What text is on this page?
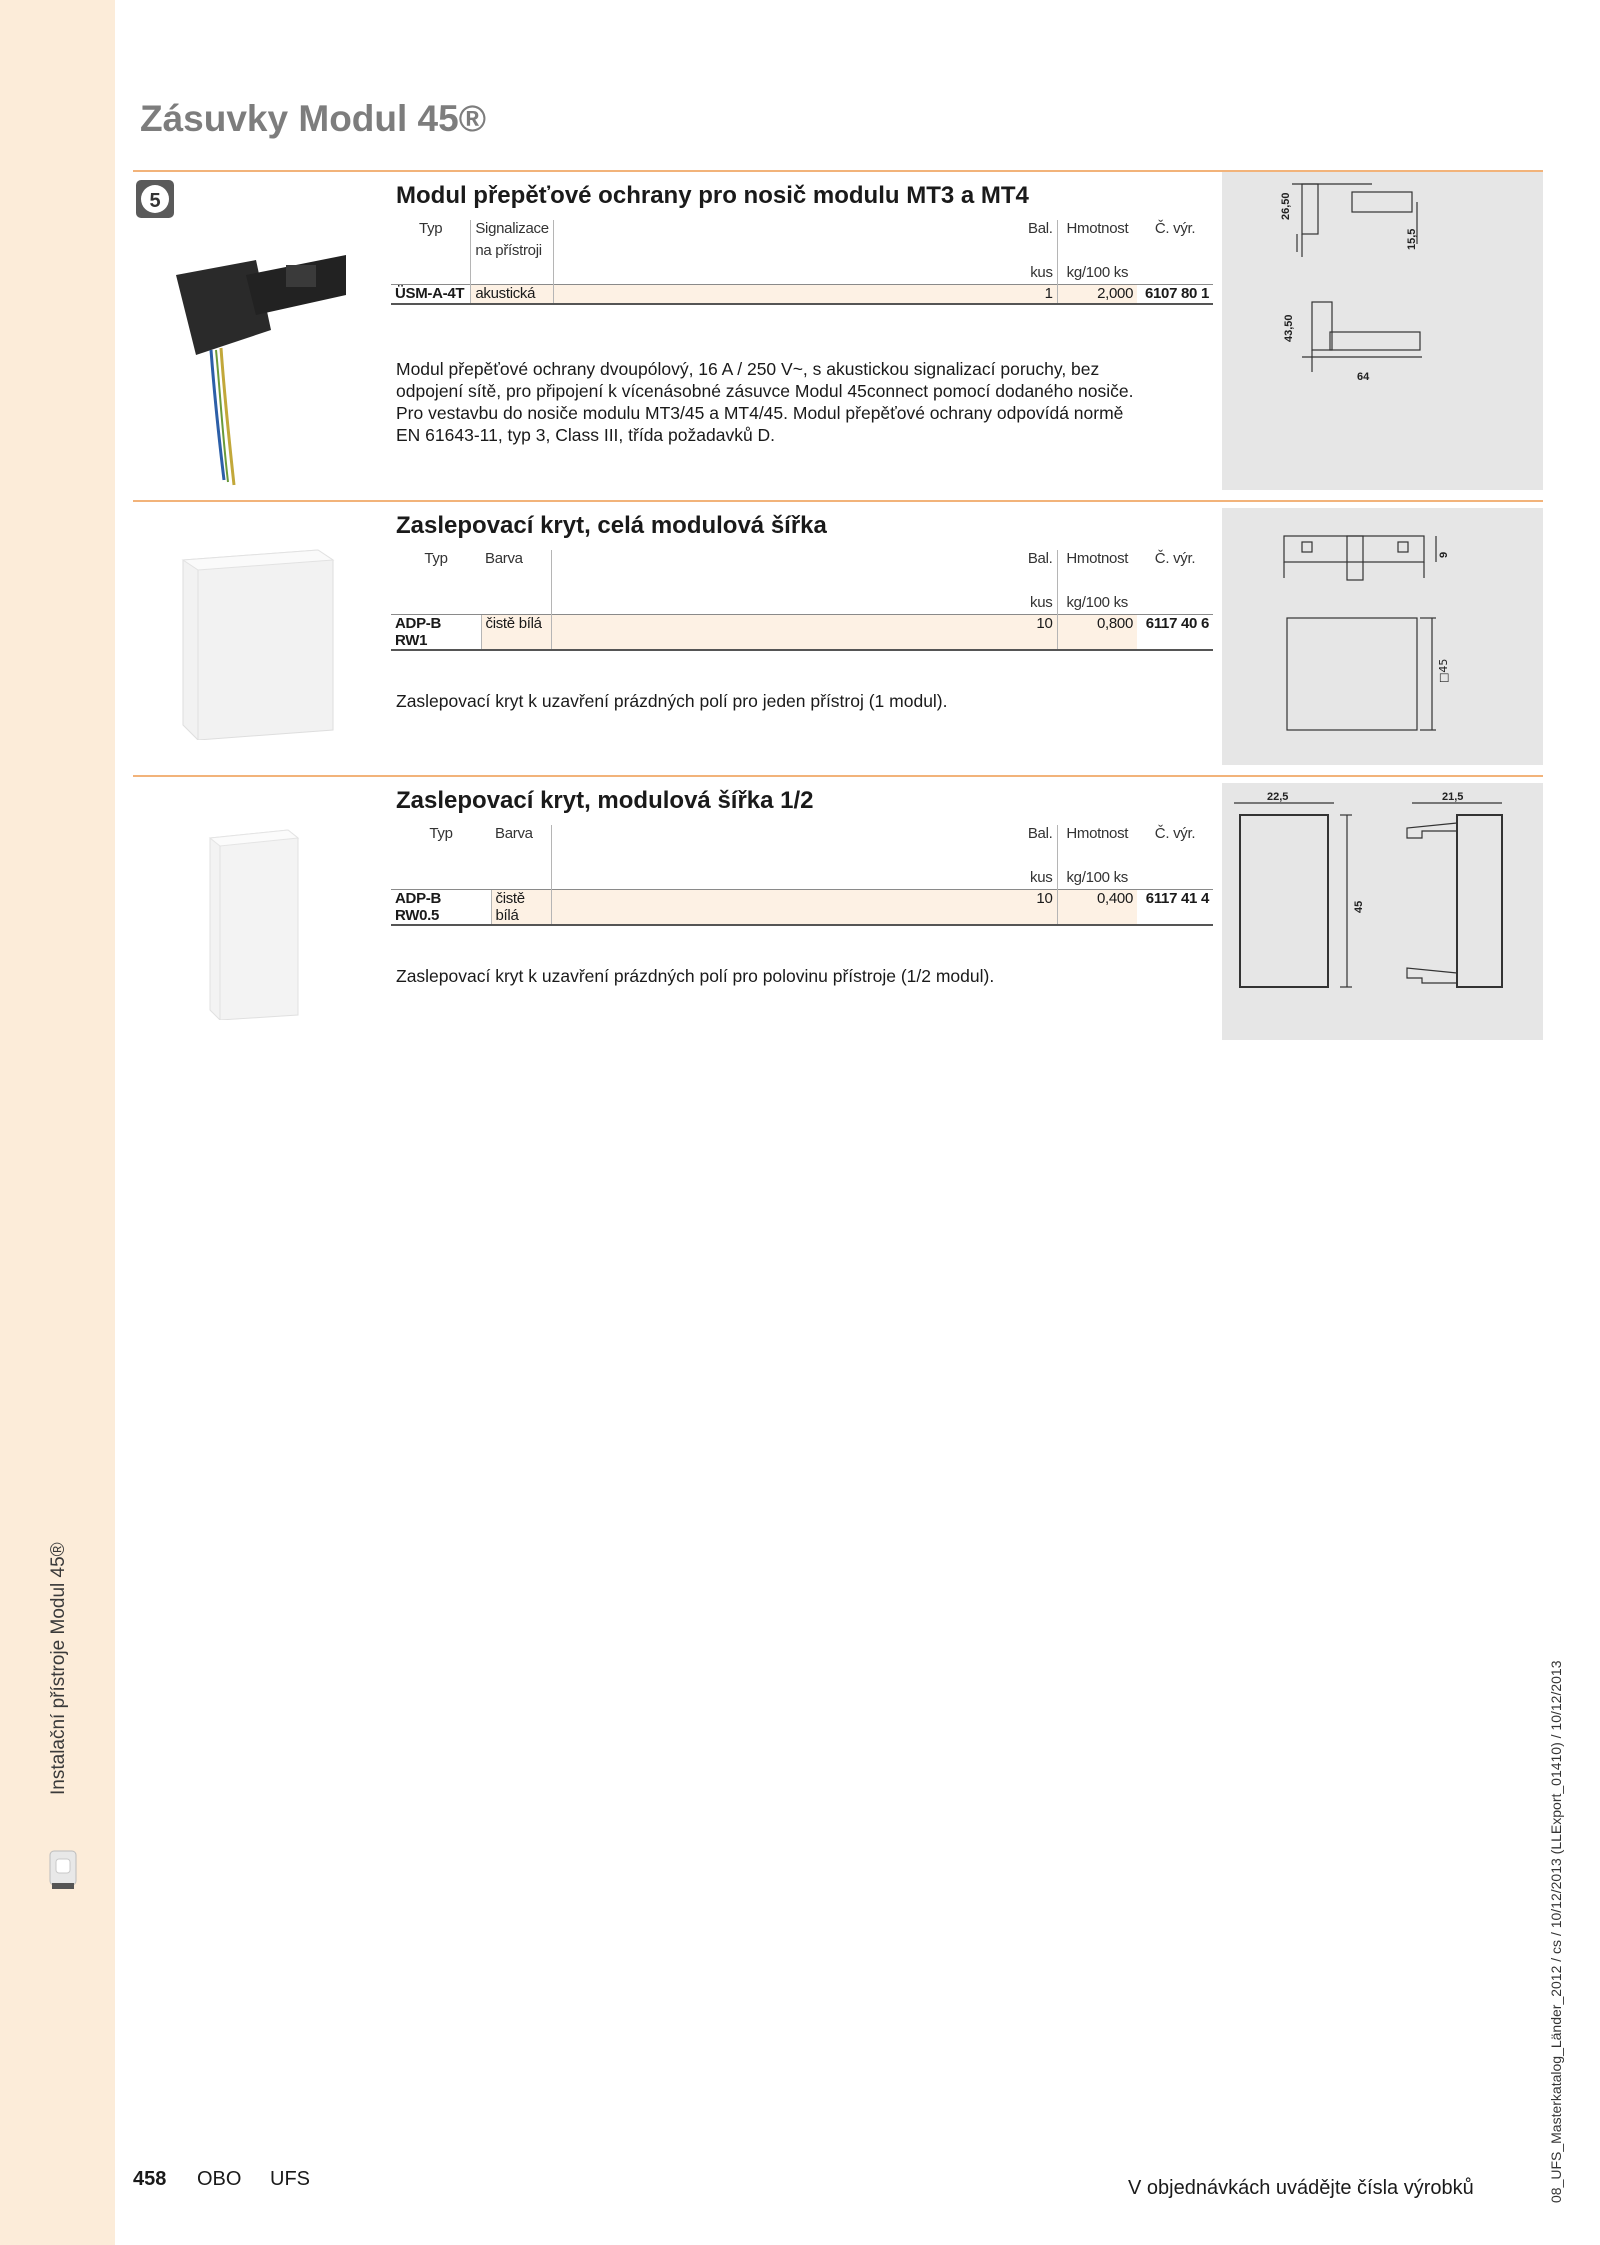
Instalační přístroje Modul 45®	08_UFS_Masterkatalog_Länder_2012 / cs / 10/12/2013 (LLExport_01410) / 10/12/2013
Zásuvky Modul 45®
5	Modul přepěťové ochrany pro nosič modulu MT3 a MT4
Typ	Signalizace		Bal.	Hmotnost	Č. výr.
	na přístroji				
			kus	kg/100 ks	
ÜSM-A-4T	akustická		1	2,000	6107 80 1

Modul přepěťové ochrany dvoupólový, 16 A / 250 V~, s akustickou signalizací poruchy, bez
odpojení sítě, pro připojení k vícenásobné zásuvce Modul 45connect pomocí dodaného nosiče.
Pro vestavbu do nosiče modulu MT3/45 a MT4/45. Modul přepěťové ochrany odpovídá normě
EN 61643-11, typ 3, Class III, třída požadavků D.

26,50
15,5
43,50
64
Zaslepovací kryt, celá modulová šířka
Typ	Barva		Bal.	Hmotnost	Č. výr.
			kus	kg/100 ks	
ADP-B RW1	čistě bílá		10	0,800	6117 40 6

Zaslepovací kryt k uzavření prázdných polí pro jeden přístroj (1 modul).

9
□45
Zaslepovací kryt, modulová šířka 1/2
Typ	Barva		Bal.	Hmotnost	Č. výr.
			kus	kg/100 ks	
ADP-B RW0.5	čistě bílá		10	0,400	6117 41 4

Zaslepovací kryt k uzavření prázdných polí pro polovinu přístroje (1/2 modul).

22,5	21,5
45
458 OBO UFS	V objednávkách uvádějte čísla výrobků
